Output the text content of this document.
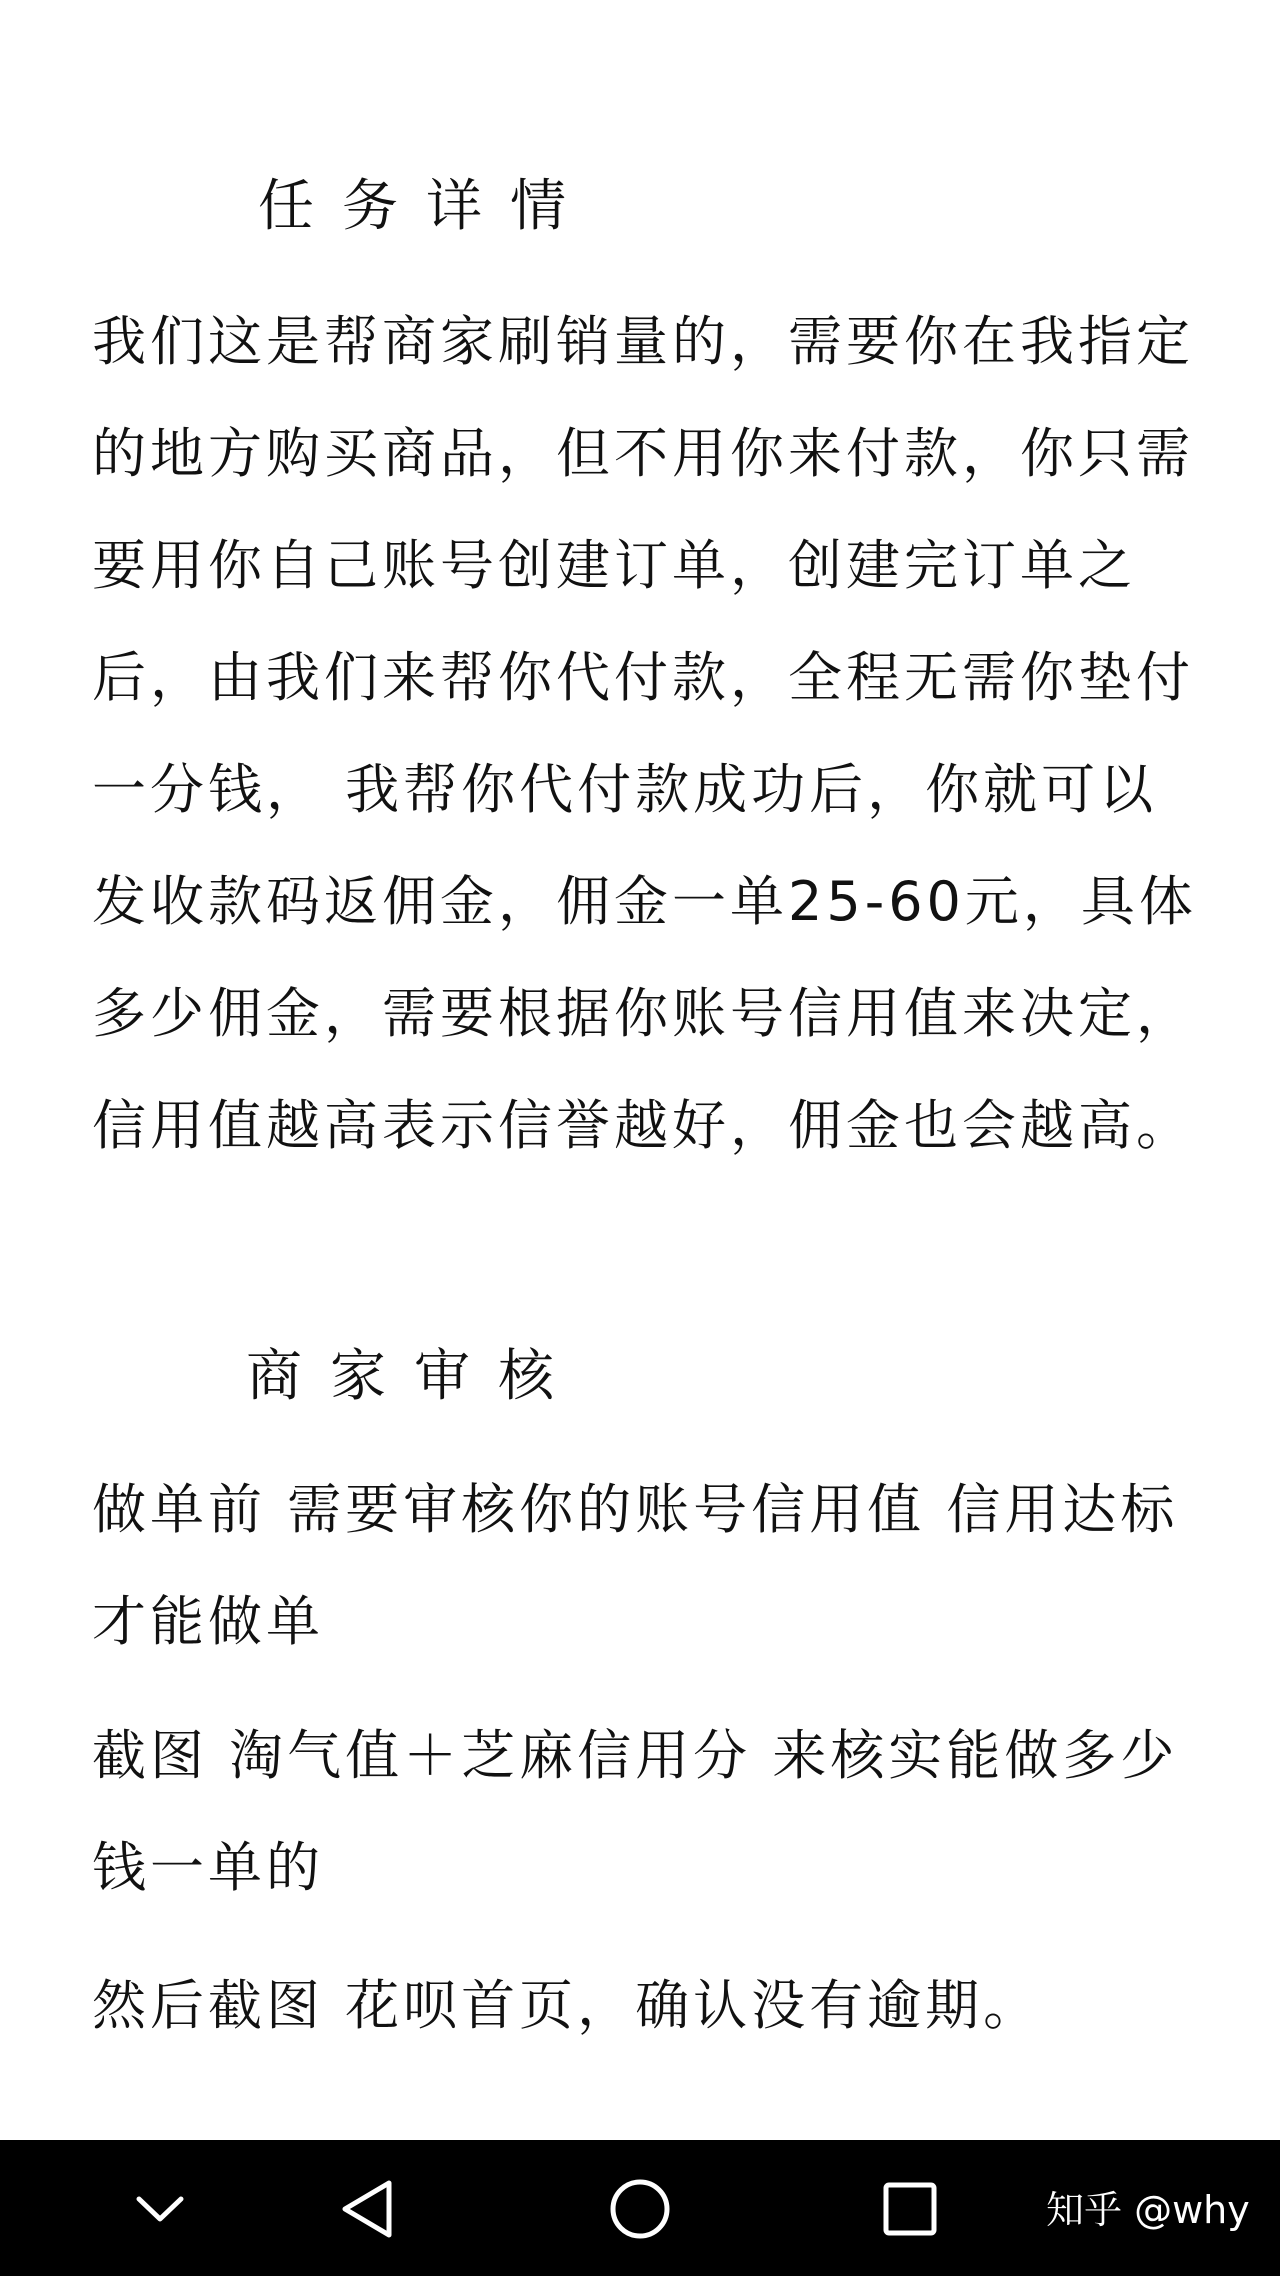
任务详情

我们这是帮商家刷销量的，需要你在我指定的地方购买商品，但不用你来付款，你只需要用你自己账号创建订单，创建完订单之后，由我们来帮你代付款，全程无需你垫付一分钱， 我帮你代付款成功后，你就可以发收款码返佣金，佣金一单25-60元，具体多少佣金，需要根据你账号信用值来决定，信用值越高表示信誉越好，佣金也会越高。

商家审核

做单前 需要审核你的账号信用值 信用达标才能做单

截图 淘气值＋芝麻信用分 来核实能做多少钱一单的

然后截图 花呗首页，确认没有逾期。

知乎 @why
